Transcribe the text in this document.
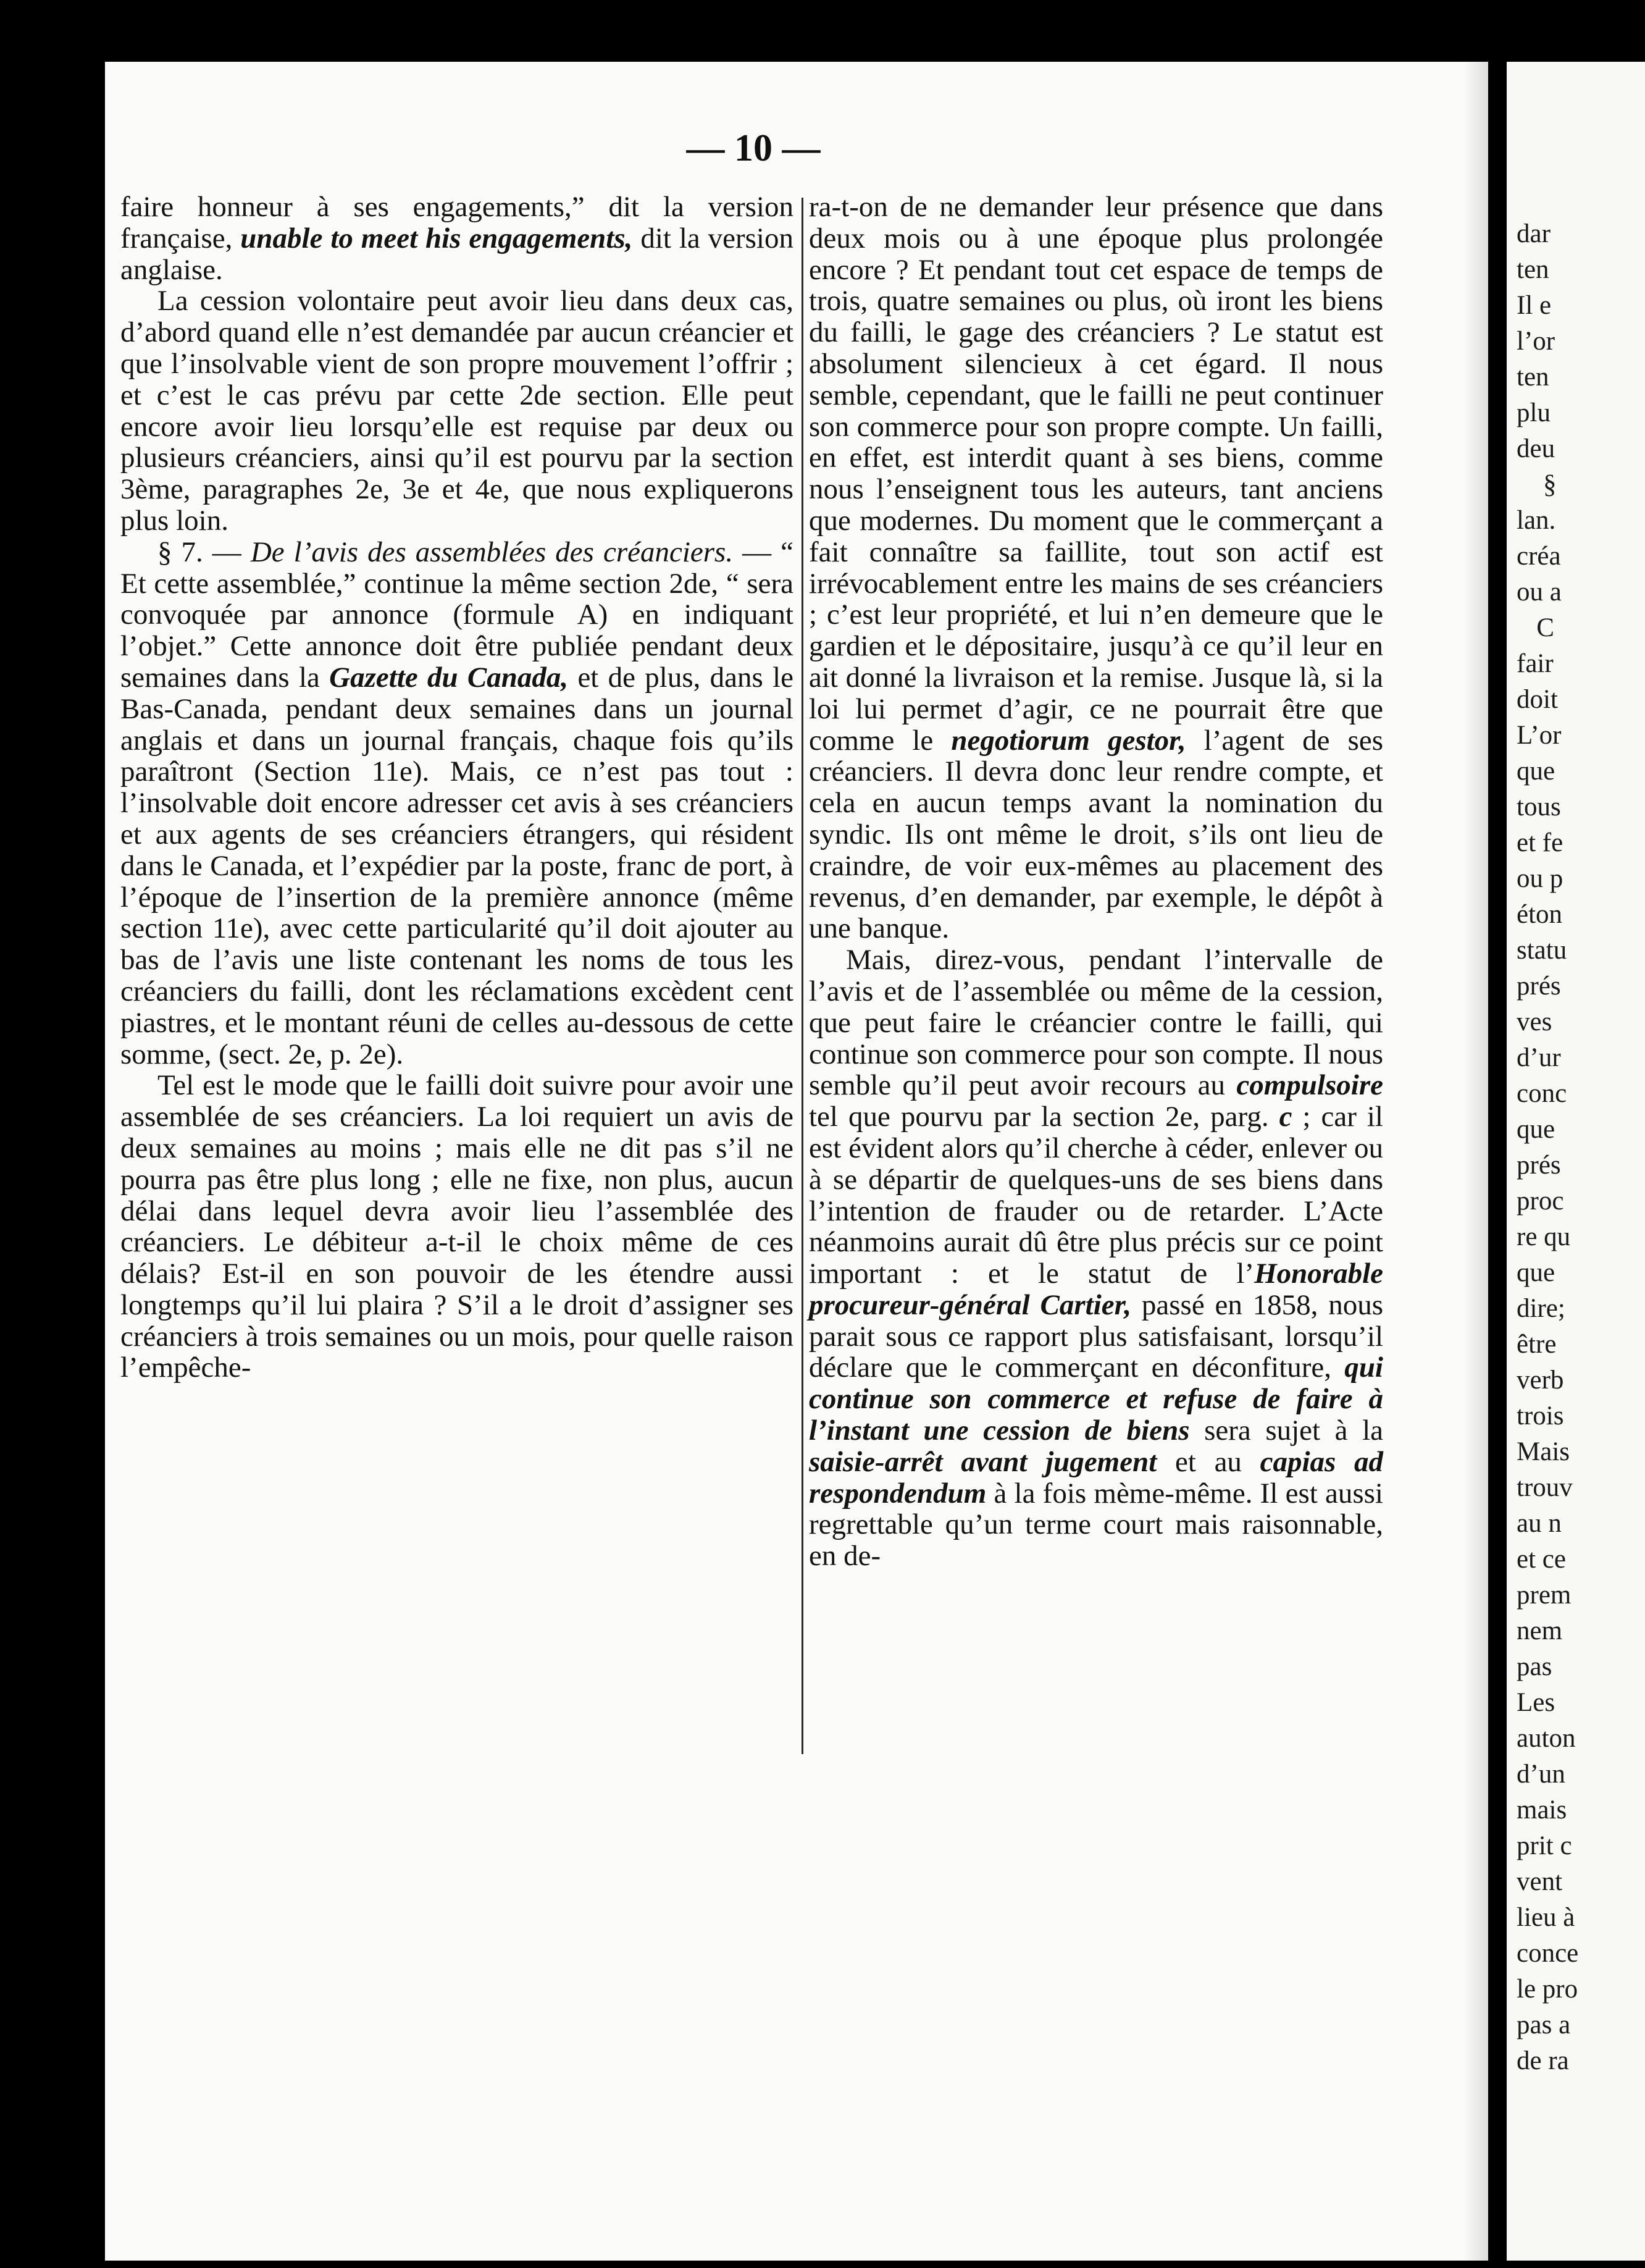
dar
ten
Il e
l’or
ten
plu
deu
§
lan.
créa
ou a
C
fair
doit
L’or
que
tous
et fe
ou p
éton
statu
prés
ves
d’ur
conc
que
prés
proc
re qu
que
dire;
être
verb
trois
Mais
trouv
au n
et ce
prem
nem
pas
Les
auton
d’un
mais
prit c
vent
lieu à
conce
le pro
pas a
de ra
— 10 —

faire honneur à ses engagements,” dit la version française, unable to meet his engagements, dit la version anglaise.

La cession volontaire peut avoir lieu dans deux cas, d’abord quand elle n’est demandée par aucun créancier et que l’insolvable vient de son propre mouvement l’offrir ; et c’est le cas prévu par cette 2de section. Elle peut encore avoir lieu lorsqu’elle est requise par deux ou plusieurs créanciers, ainsi qu’il est pourvu par la section 3ème, paragraphes 2e, 3e et 4e, que nous expliquerons plus loin.

§ 7. — De l’avis des assemblées des créanciers. — “ Et cette assemblée,” continue la même section 2de, “ sera convoquée par annonce (formule A) en indiquant l’objet.” Cette annonce doit être publiée pendant deux semaines dans la Gazette du Canada, et de plus, dans le Bas-Canada, pendant deux semaines dans un journal anglais et dans un journal français, chaque fois qu’ils paraîtront (Section 11e). Mais, ce n’est pas tout : l’insolvable doit encore adresser cet avis à ses créanciers et aux agents de ses créanciers étrangers, qui résident dans le Canada, et l’expédier par la poste, franc de port, à l’époque de l’insertion de la première annonce (même section 11e), avec cette particularité qu’il doit ajouter au bas de l’avis une liste contenant les noms de tous les créanciers du failli, dont les réclamations excèdent cent piastres, et le montant réuni de celles au-dessous de cette somme, (sect. 2e, p. 2e).

Tel est le mode que le failli doit suivre pour avoir une assemblée de ses créanciers. La loi requiert un avis de deux semaines au moins ; mais elle ne dit pas s’il ne pourra pas être plus long ; elle ne fixe, non plus, aucun délai dans lequel devra avoir lieu l’assemblée des créanciers. Le débiteur a-t-il le choix même de ces délais? Est-il en son pouvoir de les étendre aussi longtemps qu’il lui plaira ? S’il a le droit d’assigner ses créanciers à trois semaines ou un mois, pour quelle raison l’empêche-

ra-t-on de ne demander leur présence que dans deux mois ou à une époque plus prolongée encore ? Et pendant tout cet espace de temps de trois, quatre semaines ou plus, où iront les biens du failli, le gage des créanciers ? Le statut est absolument silencieux à cet égard. Il nous semble, cependant, que le failli ne peut continuer son commerce pour son propre compte. Un failli, en effet, est interdit quant à ses biens, comme nous l’enseignent tous les auteurs, tant anciens que modernes. Du moment que le commerçant a fait connaître sa faillite, tout son actif est irrévocablement entre les mains de ses créanciers ; c’est leur propriété, et lui n’en demeure que le gardien et le dépositaire, jusqu’à ce qu’il leur en ait donné la livraison et la remise. Jusque là, si la loi lui permet d’agir, ce ne pourrait être que comme le negotiorum gestor, l’agent de ses créanciers. Il devra donc leur rendre compte, et cela en aucun temps avant la nomination du syndic. Ils ont même le droit, s’ils ont lieu de craindre, de voir eux-mêmes au placement des revenus, d’en demander, par exemple, le dépôt à une banque.

Mais, direz-vous, pendant l’intervalle de l’avis et de l’assemblée ou même de la cession, que peut faire le créancier contre le failli, qui continue son commerce pour son compte. Il nous semble qu’il peut avoir recours au compulsoire tel que pourvu par la section 2e, parg. c ; car il est évident alors qu’il cherche à céder, enlever ou à se départir de quelques-uns de ses biens dans l’intention de frauder ou de retarder. L’Acte néanmoins aurait dû être plus précis sur ce point important : et le statut de l’Honorable procureur-général Cartier, passé en 1858, nous parait sous ce rapport plus satisfaisant, lorsqu’il déclare que le commerçant en déconfiture, qui continue son commerce et refuse de faire à l’instant une cession de biens sera sujet à la saisie-arrêt avant jugement et au capias ad respondendum à la fois mème-même. Il est aussi regrettable qu’un terme court mais raisonnable, en de-
